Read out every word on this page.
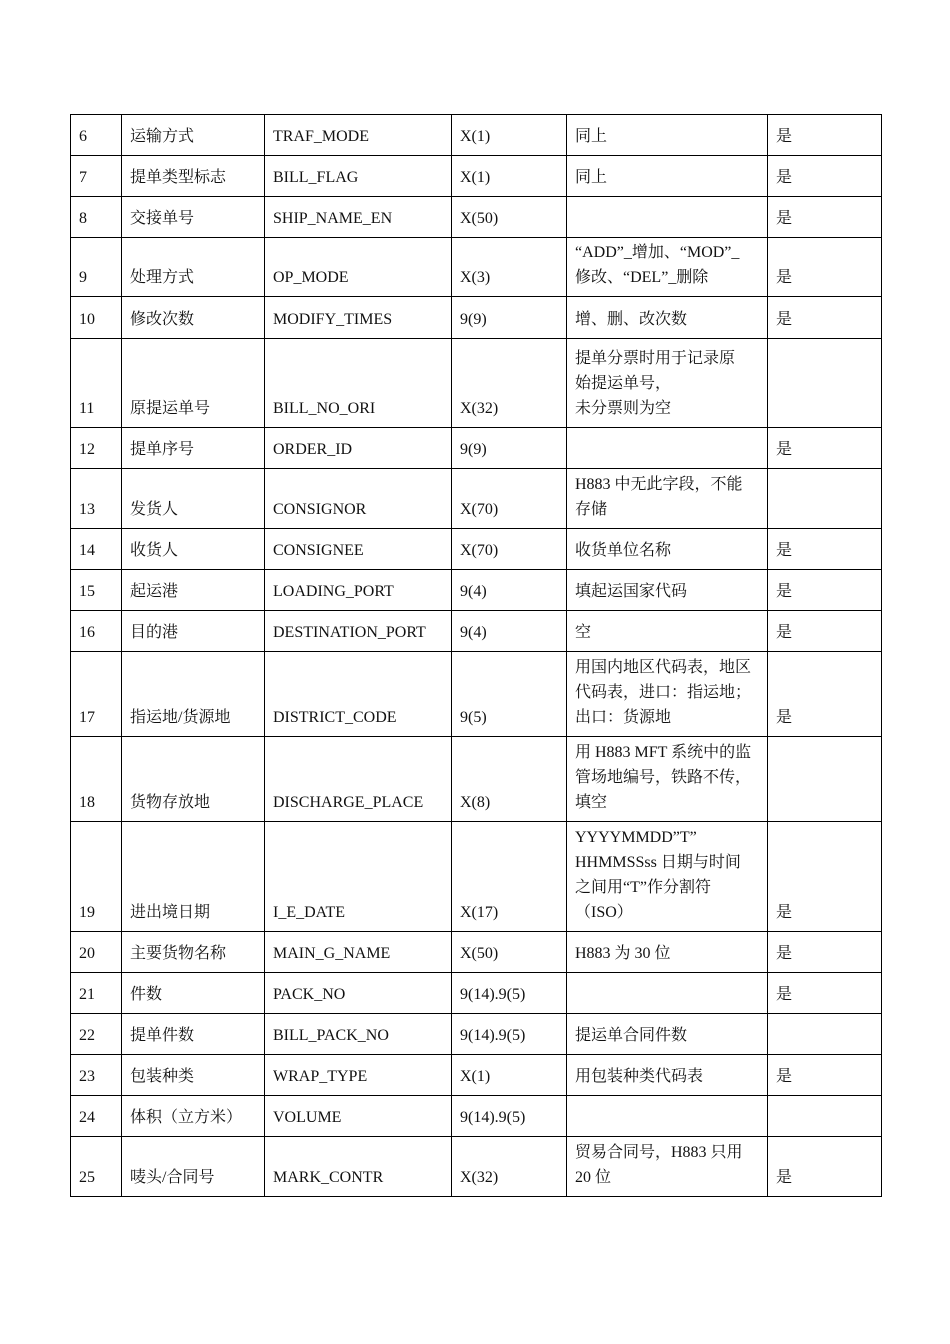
6	运输方式	TRAF_MODE	X(1)	同上	是
7	提单类型标志	BILL_FLAG	X(1)	同上	是
8	交接单号	SHIP_NAME_EN	X(50)		是
9	处理方式	OP_MODE	X(3)	“ADD”_增加、“MOD”_
修改、“DEL”_删除	是
10	修改次数	MODIFY_TIMES	9(9)	增、删、改次数	是
11	原提运单号	BILL_NO_ORI	X(32)	提单分票时用于记录原
始提运单号，
未分票则为空	

12	提单序号	ORDER_ID	9(9)		是
13	发货人	CONSIGNOR	X(70)	H883 中无此字段，不能
存储	

14	收货人	CONSIGNEE	X(70)	收货单位名称	是
15	起运港	LOADING_PORT	9(4)	填起运国家代码	是
16	目的港	DESTINATION_PORT	9(4)	空	是
17	指运地/货源地	DISTRICT_CODE	9(5)	用国内地区代码表，地区
代码表，进口：指运地；
出口：货源地	是
18	货物存放地	DISCHARGE_PLACE	X(8)	用 H883 MFT 系统中的监
管场地编号，铁路不传，
填空	

19	进出境日期	I_E_DATE	X(17)	YYYYMMDD”T”
HHMMSSss 日期与时间
之间用“T”作分割符
（ISO）	是
20	主要货物名称	MAIN_G_NAME	X(50)	H883 为 30 位	是
21	件数	PACK_NO	9(14).9(5)		是
22	提单件数	BILL_PACK_NO	9(14).9(5)	提运单合同件数	

23	包装种类	WRAP_TYPE	X(1)	用包装种类代码表	是
24	体积（立方米）	VOLUME	9(14).9(5)		
25	唛头/合同号	MARK_CONTR	X(32)	贸易合同号，H883 只用
20 位	是
